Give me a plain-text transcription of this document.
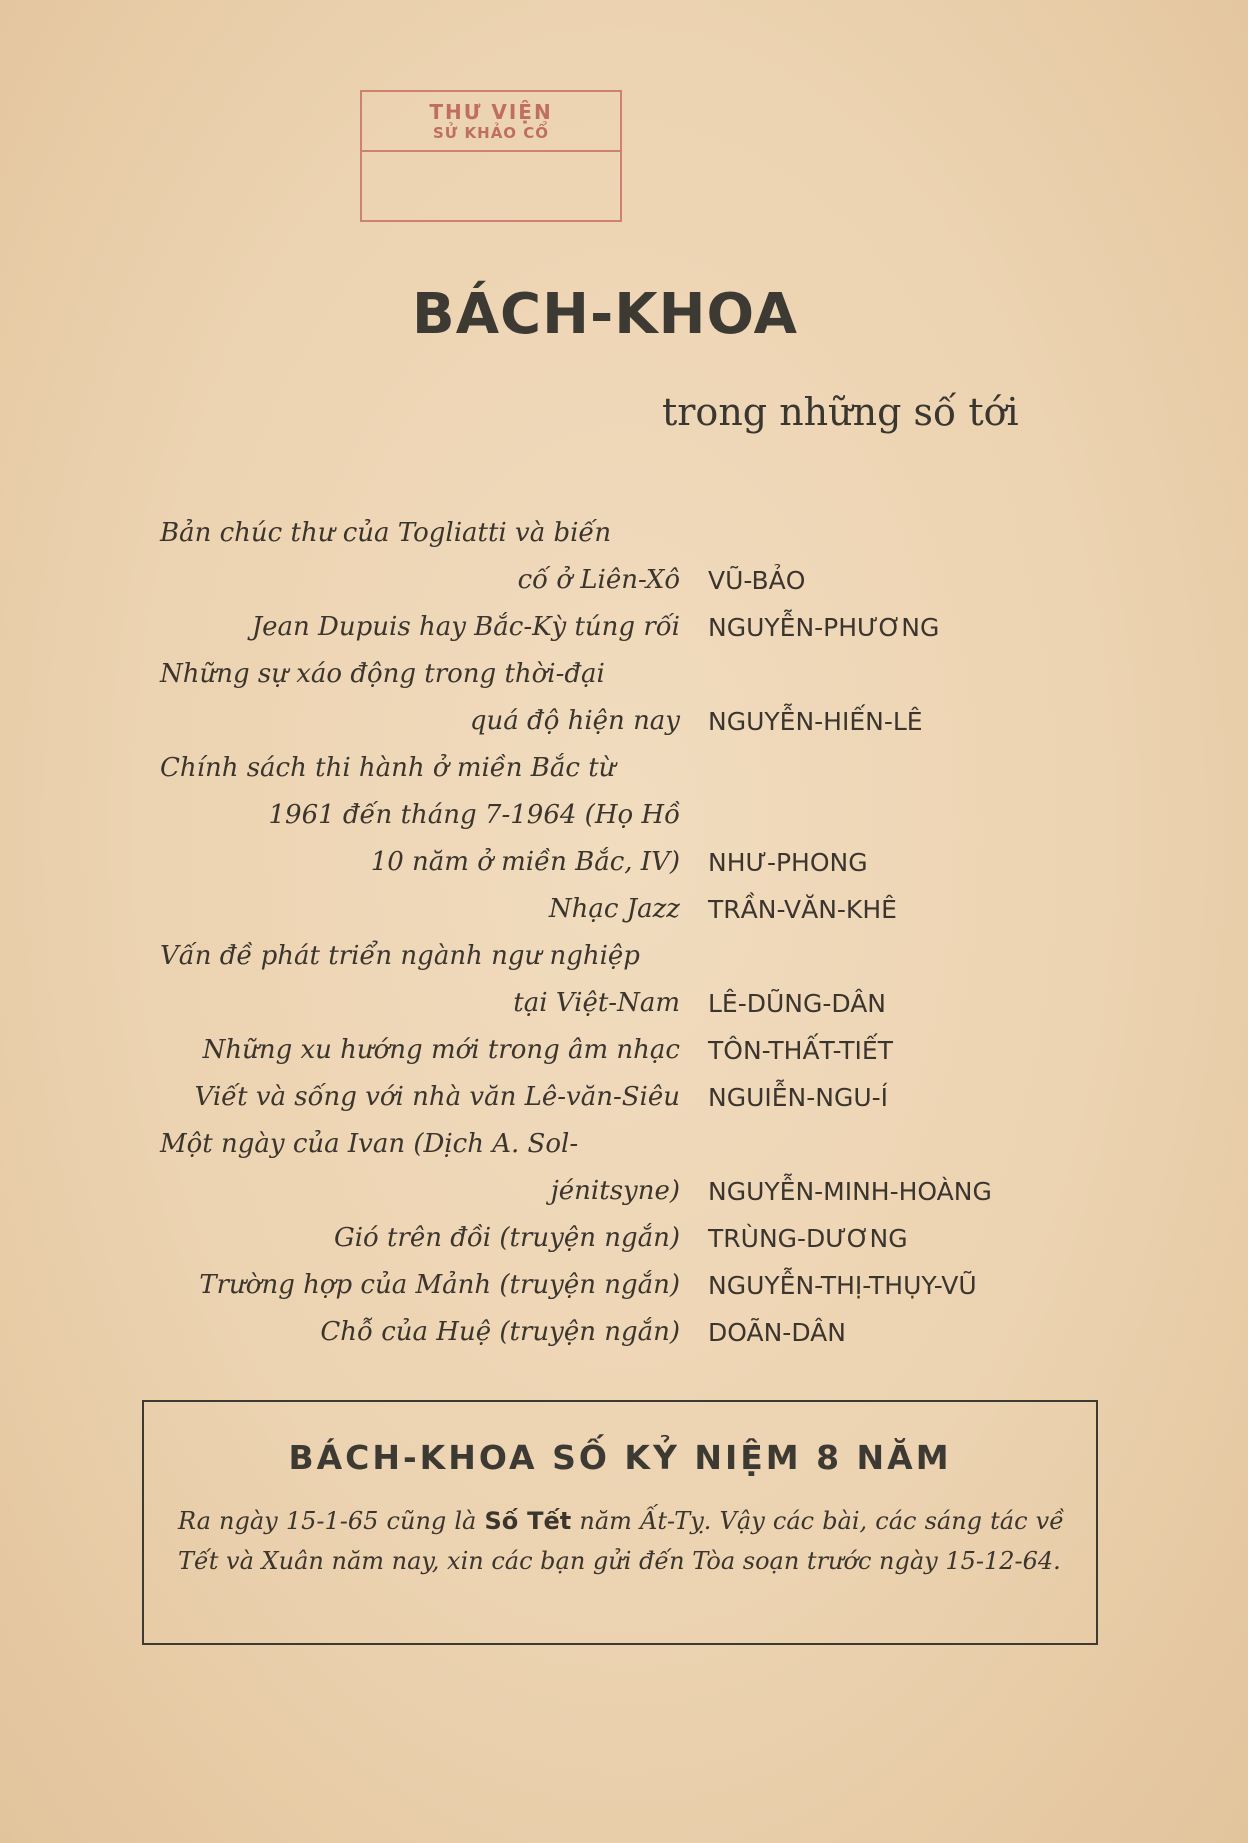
THƯ VIỆN
SỬ KHẢO CỔ
BÁCH-KHOA
trong những số tới
Bản chúc thư của Togliatti và biến
cố ở Liên-Xô	VŨ-BẢO
Jean Dupuis hay Bắc-Kỳ túng rối	NGUYỄN-PHƯƠNG
Những sự xáo động trong thời-đại
quá độ hiện nay	NGUYỄN-HIẾN-LÊ
Chính sách thi hành ở miền Bắc từ
1961 đến tháng 7-1964 (Họ Hồ
10 năm ở miền Bắc, IV)	NHƯ-PHONG
Nhạc Jazz	TRẦN-VĂN-KHÊ
Vấn đề phát triển ngành ngư nghiệp
tại Việt-Nam	LÊ-DŨNG-DÂN
Những xu hướng mới trong âm nhạc	TÔN-THẤT-TIẾT
Viết và sống với nhà văn Lê-văn-Siêu	NGUIỄN-NGU-Í
Một ngày của Ivan (Dịch A. Sol-
jénitsyne)	NGUYỄN-MINH-HOÀNG
Gió trên đồi (truyện ngắn)	TRÙNG-DƯƠNG
Trường hợp của Mảnh (truyện ngắn)	NGUYỄN-THỊ-THỤY-VŨ
Chỗ của Huệ (truyện ngắn)	DOÃN-DÂN
BÁCH-KHOA SỐ KỶ NIỆM 8 NĂM
Ra ngày 15-1-65 cũng là Số Tết năm Ất-Tỵ. Vậy các bài, các sáng tác về Tết và Xuân năm nay, xin các bạn gửi đến Tòa soạn trước ngày 15-12-64.
